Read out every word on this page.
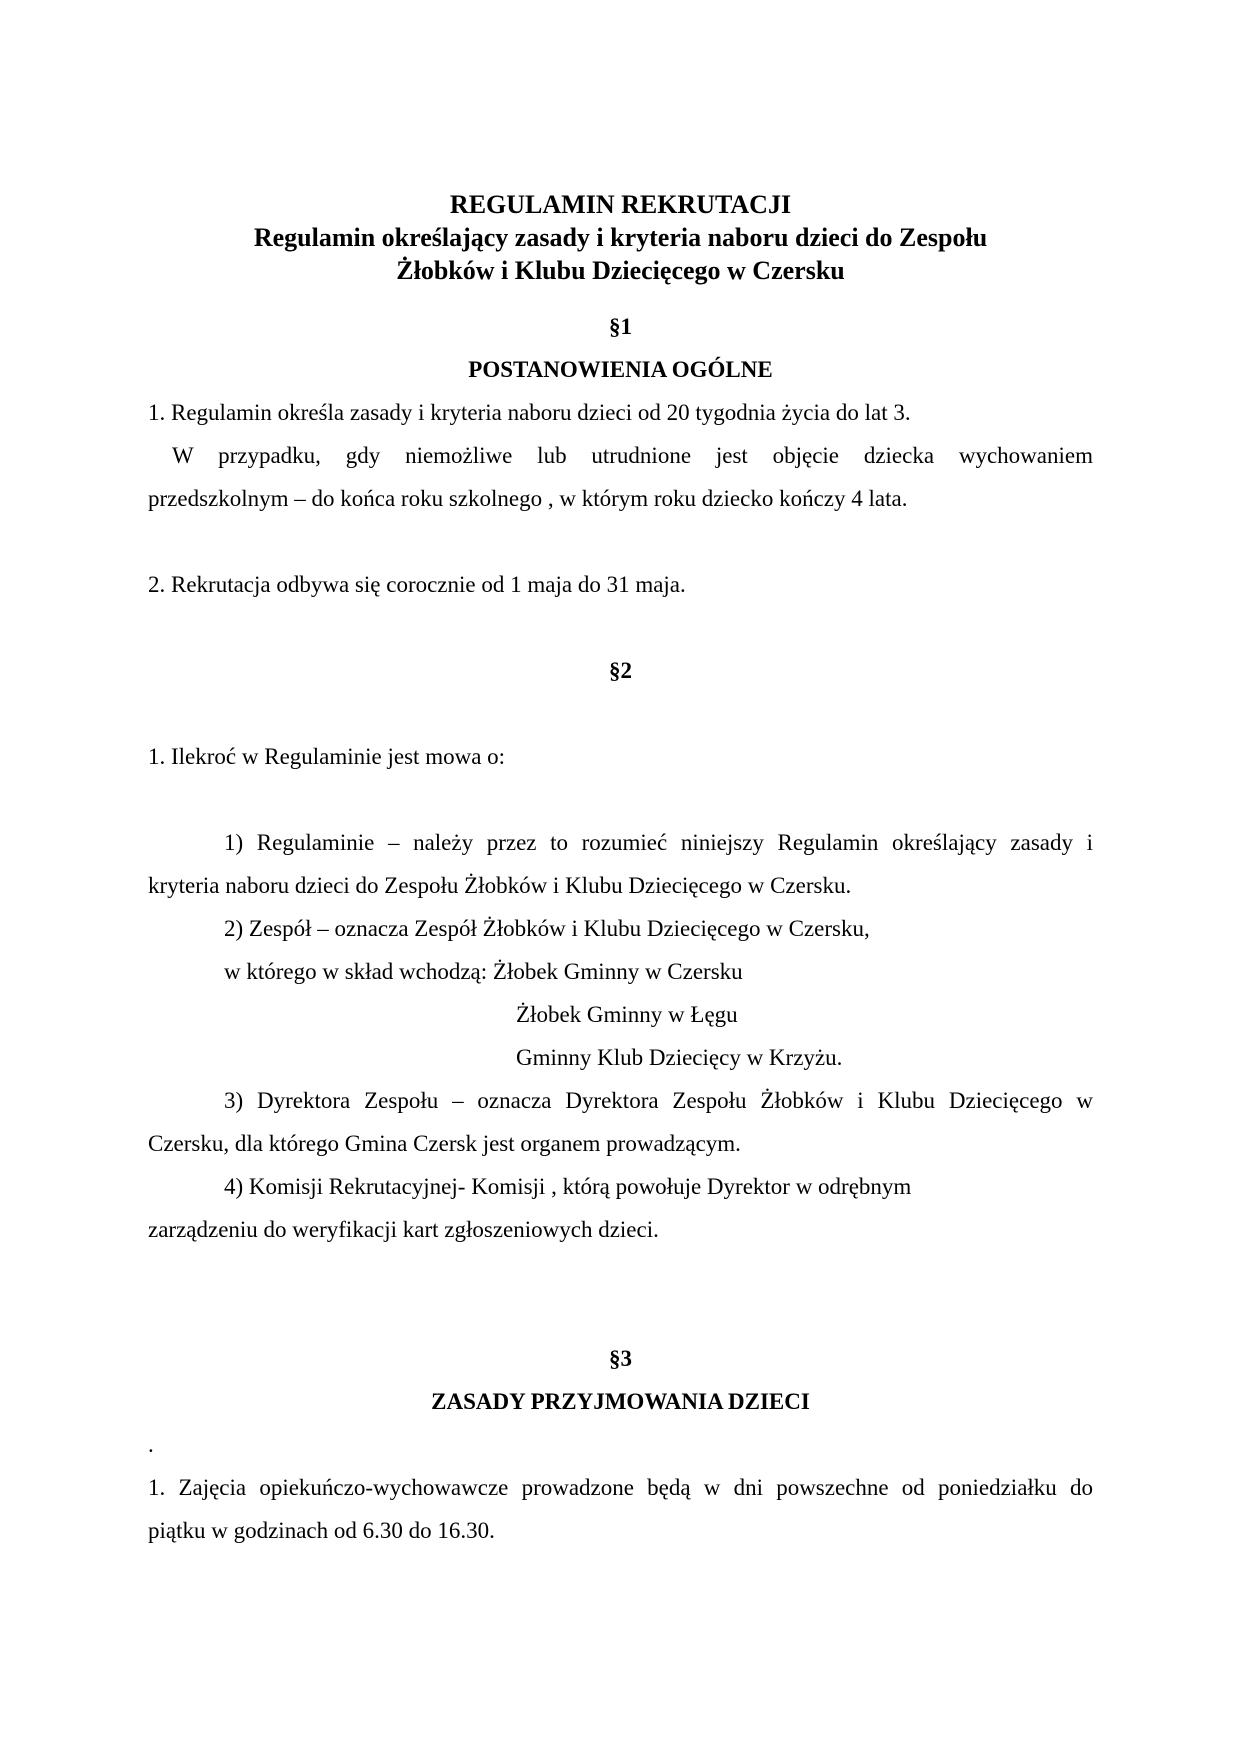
REGULAMIN REKRUTACJI
Regulamin określający zasady i kryteria naboru dzieci do Zespołu
Żłobków i Klubu Dziecięcego w Czersku
§1
POSTANOWIENIA OGÓLNE

1. Regulamin określa zasady i kryteria naboru dzieci od 20 tygodnia życia do lat 3.

W przypadku, gdy niemożliwe lub utrudnione jest objęcie dziecka wychowaniem

przedszkolnym – do końca roku szkolnego , w którym roku dziecko kończy 4 lata.

2. Rekrutacja odbywa się corocznie od 1 maja do 31 maja.

§2

1. Ilekroć w Regulaminie jest mowa o:

1) Regulaminie – należy przez to rozumieć niniejszy Regulamin określający zasady i

kryteria naboru dzieci do Zespołu Żłobków i Klubu Dziecięcego w Czersku.

2) Zespół – oznacza Zespół Żłobków i Klubu Dziecięcego w Czersku,

w którego w skład wchodzą: Żłobek Gminny w Czersku

Żłobek Gminny w Łęgu

Gminny Klub Dziecięcy w Krzyżu.

3) Dyrektora Zespołu – oznacza Dyrektora Zespołu Żłobków i Klubu Dziecięcego w

Czersku, dla którego Gmina Czersk jest organem prowadzącym.

4) Komisji Rekrutacyjnej- Komisji , którą powołuje Dyrektor w odrębnym

zarządzeniu do weryfikacji kart zgłoszeniowych dzieci.

§3
ZASADY PRZYJMOWANIA DZIECI

.

1. Zajęcia opiekuńczo-wychowawcze prowadzone będą w dni powszechne od poniedziałku do

piątku w godzinach od 6.30 do 16.30.
